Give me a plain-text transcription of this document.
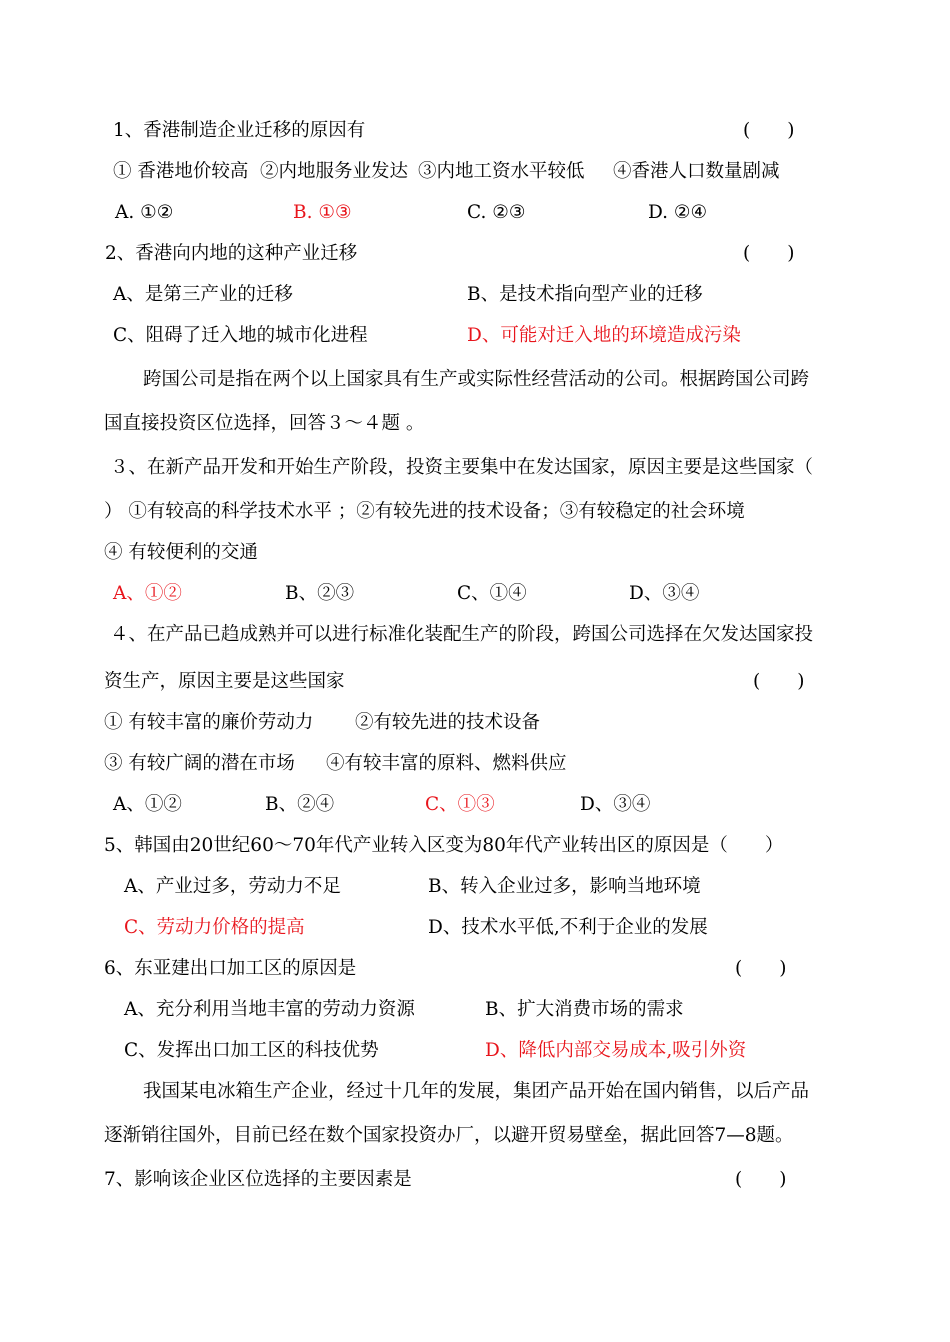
1、香港制造企业迁移的原因有	(　　)
① 香港地价较高 ②内地服务业发达 ③内地工资水平较低 ④香港人口数量剧减
A. ①②	B. ①③	C. ②③	D. ②④
2、香港向内地的这种产业迁移	(　　)
A、是第三产业的迁移	B、是技术指向型产业的迁移
C、阻碍了迁入地的城市化进程	D、可能对迁入地的环境造成污染
跨国公司是指在两个以上国家具有生产或实际性经营活动的公司。根据跨国公司跨
国直接投资区位选择，回答３～４题 。
３、在新产品开发和开始生产阶段，投资主要集中在发达国家，原因主要是这些国家（
） ①有较高的科学技术水平 ；②有较先进的技术设备；③有较稳定的社会环境
④ 有较便利的交通
A、①②	B、②③	C、①④	D、③④
４、在产品已趋成熟并可以进行标准化装配生产的阶段，跨国公司选择在欠发达国家投
资生产，原因主要是这些国家	(　　)
① 有较丰富的廉价劳动力 ②有较先进的技术设备
③ 有较广阔的潜在市场 ④有较丰富的原料、燃料供应
A、①②	B、②④	C、①③	D、③④
5、韩国由20世纪60～70年代产业转入区变为80年代产业转出区的原因是（　　）
A、产业过多，劳动力不足	B、转入企业过多，影响当地环境
C、劳动力价格的提高	D、技术水平低,不利于企业的发展
6、东亚建出口加工区的原因是	(　　)
A、充分利用当地丰富的劳动力资源	B、扩大消费市场的需求
C、发挥出口加工区的科技优势	D、降低内部交易成本,吸引外资
我国某电冰箱生产企业，经过十几年的发展，集团产品开始在国内销售，以后产品
逐渐销往国外，目前已经在数个国家投资办厂，以避开贸易壁垒，据此回答7—8题。
7、影响该企业区位选择的主要因素是	(　　)
